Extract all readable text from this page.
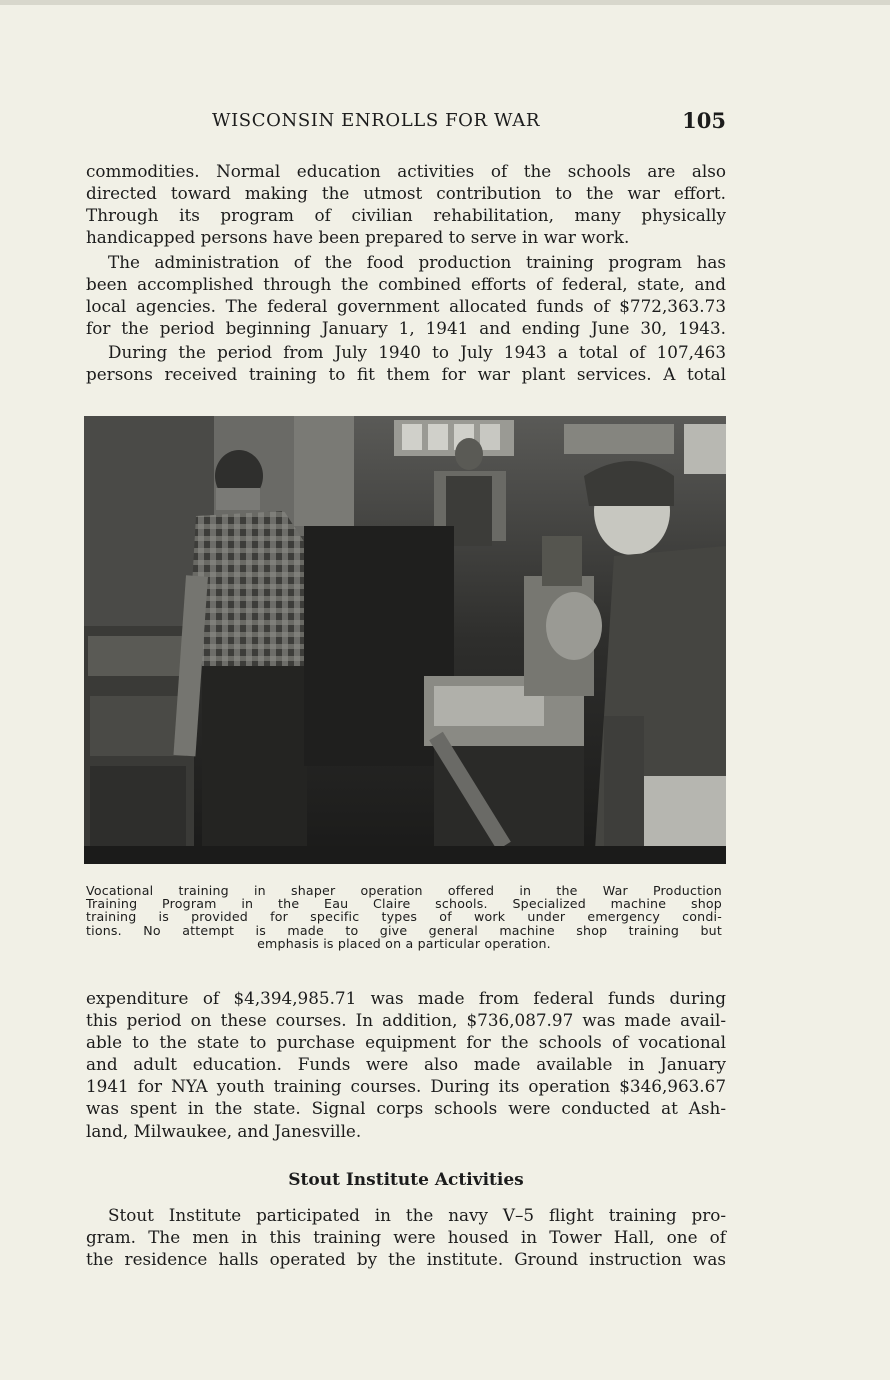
WISCONSIN ENROLLS FOR WAR	105
commodities. Normal education activities of the schools are also
directed toward making the utmost contribution to the war effort.
Through its program of civilian rehabilitation, many physically
handicapped persons have been prepared to serve in war work.
The administration of the food production training program has
been accomplished through the combined efforts of federal, state, and
local agencies. The federal government allocated funds of $772,363.73
for the period beginning January 1, 1941 and ending June 30, 1943.
During the period from July 1940 to July 1943 a total of 107,463
persons received training to fit them for war plant services. A total
Vocational training in shaper operation offered in the War Production
Training Program in the Eau Claire schools. Specialized machine shop
training is provided for specific types of work under emergency condi-
tions. No attempt is made to give general machine shop training but
emphasis is placed on a particular operation.
expenditure of $4,394,985.71 was made from federal funds during
this period on these courses. In addition, $736,087.97 was made avail-
able to the state to purchase equipment for the schools of vocational
and adult education. Funds were also made available in January
1941 for NYA youth training courses. During its operation $346,963.67
was spent in the state. Signal corps schools were conducted at Ash-
land, Milwaukee, and Janesville.
Stout Institute Activities
Stout Institute participated in the navy V–5 flight training pro-
gram. The men in this training were housed in Tower Hall, one of
the residence halls operated by the institute. Ground instruction was
